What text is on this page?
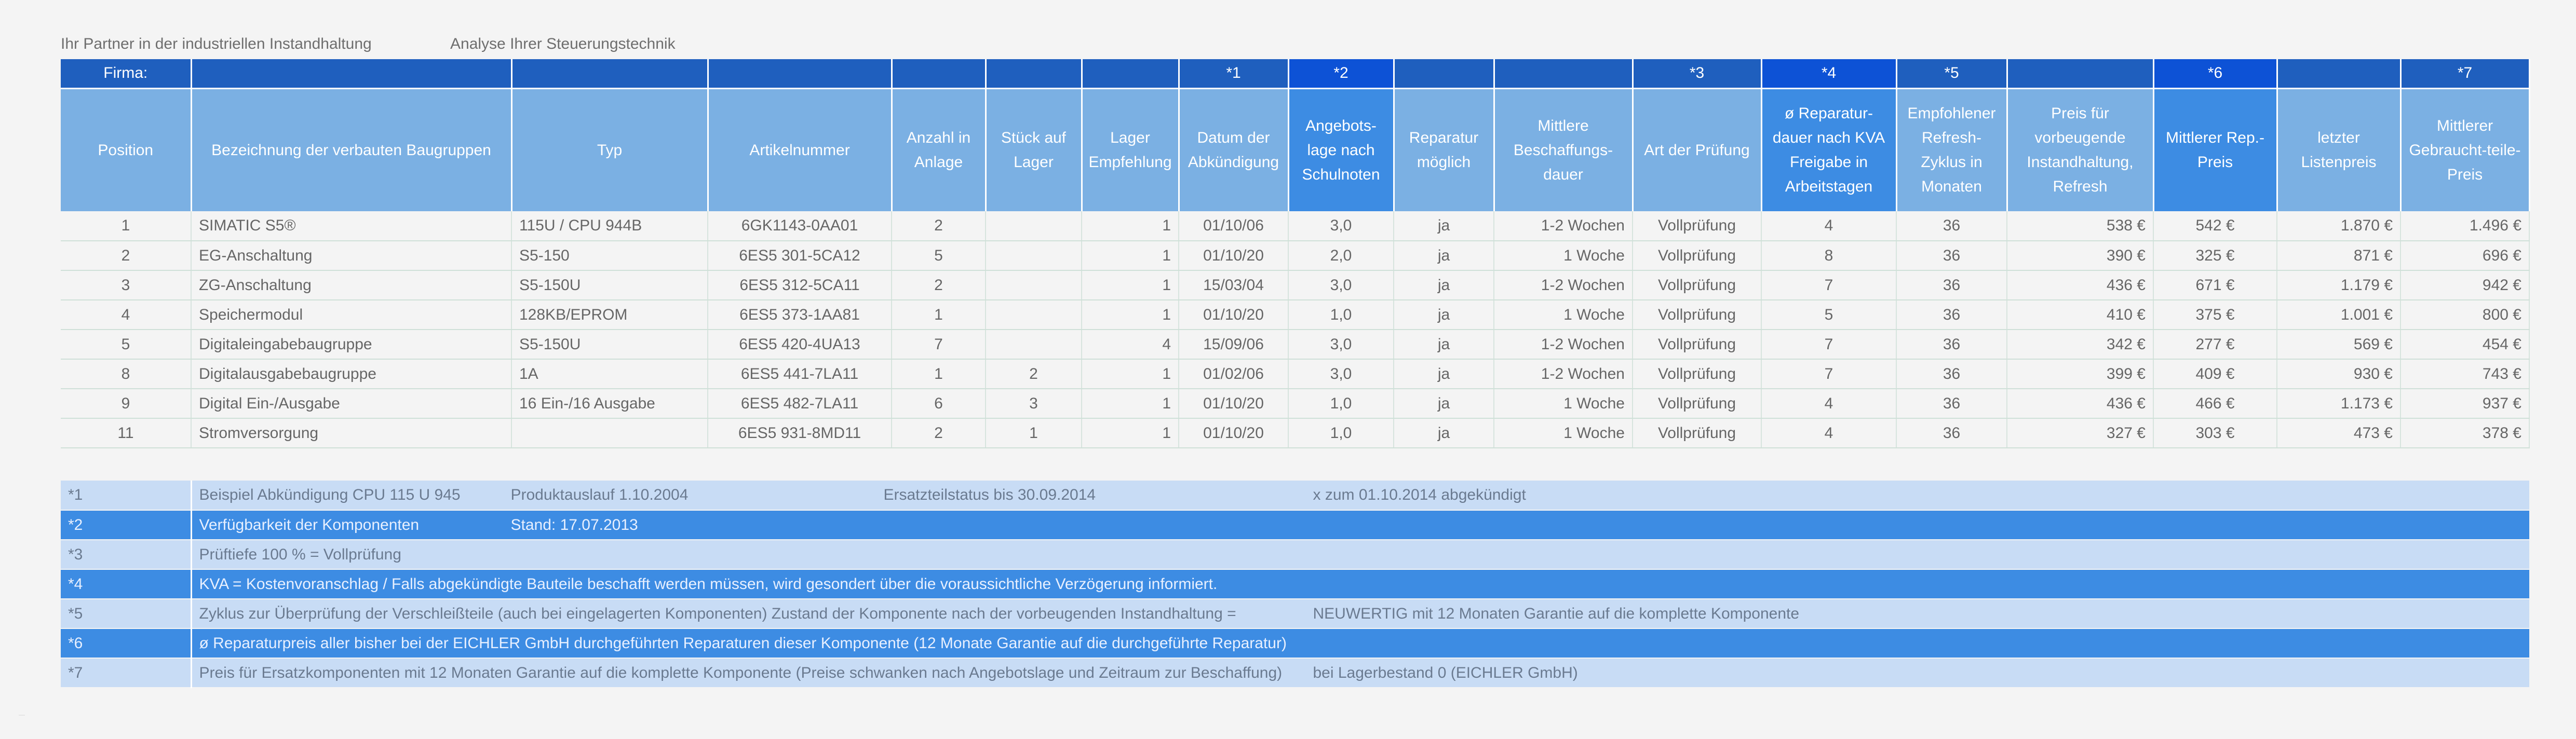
Ihr Partner in der industriellen Instandhaltung	Analyse Ihrer Steuerungstechnik
Firma:							*1	*2			*3	*4	*5		*6		*7
Position	Bezeichnung der verbauten Baugruppen	Typ	Artikelnummer	Anzahl in Anlage	Stück auf Lager	Lager Empfehlung	Datum der Abkündigung	Angebots-lage nach Schulnoten	Reparatur möglich	Mittlere Beschaffungs-dauer	Art der Prüfung	ø Reparatur-dauer nach KVA Freigabe in Arbeitstagen	Empfohlener Refresh-Zyklus in Monaten	Preis für vorbeugende Instandhaltung, Refresh	Mittlerer Rep.-Preis	letzter Listenpreis	Mittlerer Gebraucht-teile-Preis
1	SIMATIC S5®	115U / CPU 944B	6GK1143-0AA01	2		1	01/10/06	3,0	ja	1-2 Wochen	Vollprüfung	4	36	538 €	542 €	1.870 €	1.496 €
2	EG-Anschaltung	S5-150	6ES5 301-5CA12	5		1	01/10/20	2,0	ja	1 Woche	Vollprüfung	8	36	390 €	325 €	871 €	696 €
3	ZG-Anschaltung	S5-150U	6ES5 312-5CA11	2		1	15/03/04	3,0	ja	1-2 Wochen	Vollprüfung	7	36	436 €	671 €	1.179 €	942 €
4	Speichermodul	128KB/EPROM	6ES5 373-1AA81	1		1	01/10/20	1,0	ja	1 Woche	Vollprüfung	5	36	410 €	375 €	1.001 €	800 €
5	Digitaleingabebaugruppe	S5-150U	6ES5 420-4UA13	7		4	15/09/06	3,0	ja	1-2 Wochen	Vollprüfung	7	36	342 €	277 €	569 €	454 €
8	Digitalausgabebaugruppe	1A	6ES5 441-7LA11	1	2	1	01/02/06	3,0	ja	1-2 Wochen	Vollprüfung	7	36	399 €	409 €	930 €	743 €
9	Digital Ein-/Ausgabe	16 Ein-/16 Ausgabe	6ES5 482-7LA11	6	3	1	01/10/20	1,0	ja	1 Woche	Vollprüfung	4	36	436 €	466 €	1.173 €	937 €
11	Stromversorgung		6ES5 931-8MD11	2	1	1	01/10/20	1,0	ja	1 Woche	Vollprüfung	4	36	327 €	303 €	473 €	378 €
*1	Beispiel Abkündigung CPU 115 U 945 Produktauslauf 1.10.2004 Ersatzteilstatus bis 30.09.2014 x zum 01.10.2014 abgekündigt

*2	Verfügbarkeit der Komponenten Stand: 17.07.2013

*3	Prüftiefe 100 % = Vollprüfung
*4	KVA = Kostenvoranschlag / Falls abgekündigte Bauteile beschafft werden müssen, wird gesondert über die voraussichtliche Verzögerung informiert.
*5	Zyklus zur Überprüfung der Verschleißteile (auch bei eingelagerten Komponenten) Zustand der Komponente nach der vorbeugenden Instandhaltung = NEUWERTIG mit 12 Monaten Garantie auf die komplette Komponente

*6	ø Reparaturpreis aller bisher bei der EICHLER GmbH durchgeführten Reparaturen dieser Komponente (12 Monate Garantie auf die durchgeführte Reparatur)
*7	Preis für Ersatzkomponenten mit 12 Monaten Garantie auf die komplette Komponente (Preise schwanken nach Angebotslage und Zeitraum zur Beschaffung) bei Lagerbestand 0 (EICHLER GmbH)
—
